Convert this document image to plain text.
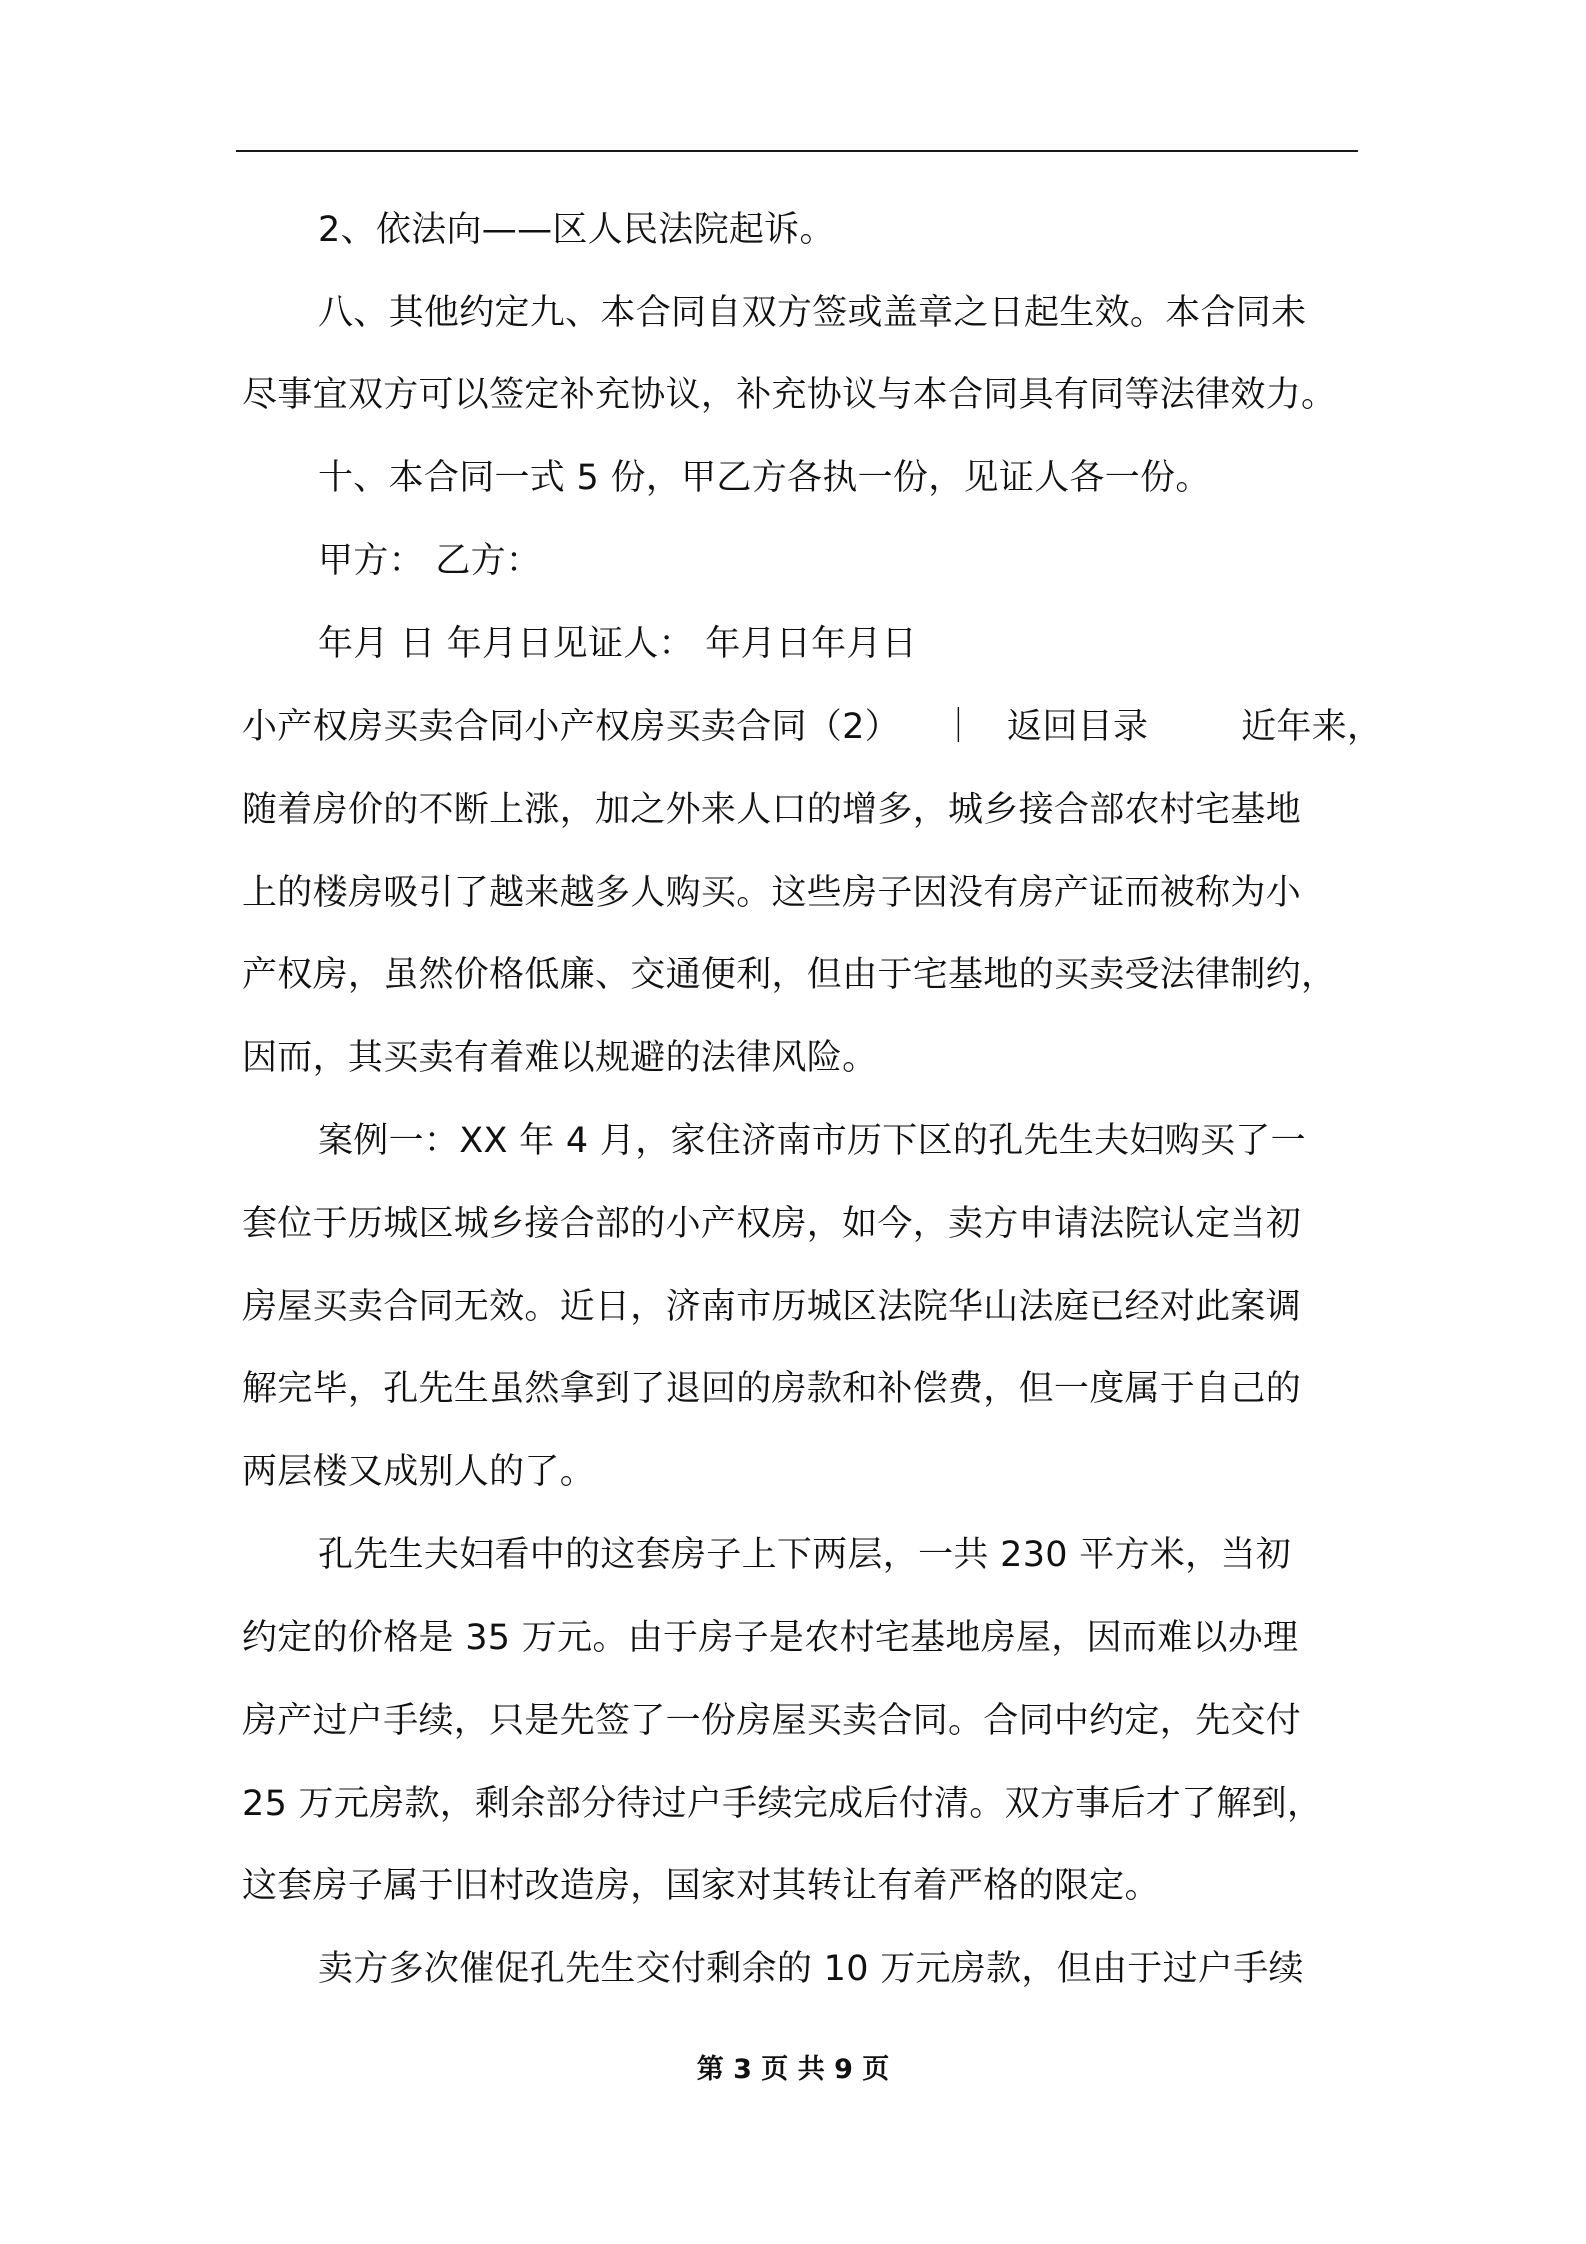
2、依法向——区人民法院起诉。
八、其他约定九、本合同自双方签或盖章之日起生效。本合同未
尽事宜双方可以签定补充协议，补充协议与本合同具有同等法律效力。
十、本合同一式 5 份，甲乙方各执一份，见证人各一份。
甲方： 乙方：
年月 日 年月日见证人： 年月日年月日
小产权房买卖合同小产权房买卖合同（2） ｜ 返回目录	近年来，
随着房价的不断上涨，加之外来人口的增多，城乡接合部农村宅基地
上的楼房吸引了越来越多人购买。这些房子因没有房产证而被称为小
产权房，虽然价格低廉、交通便利，但由于宅基地的买卖受法律制约，
因而，其买卖有着难以规避的法律风险。
案例一：XX 年 4 月，家住济南市历下区的孔先生夫妇购买了一
套位于历城区城乡接合部的小产权房，如今，卖方申请法院认定当初
房屋买卖合同无效。近日，济南市历城区法院华山法庭已经对此案调
解完毕，孔先生虽然拿到了退回的房款和补偿费，但一度属于自己的
两层楼又成别人的了。
孔先生夫妇看中的这套房子上下两层，一共 230 平方米，当初
约定的价格是 35 万元。由于房子是农村宅基地房屋，因而难以办理
房产过户手续，只是先签了一份房屋买卖合同。合同中约定，先交付
25 万元房款，剩余部分待过户手续完成后付清。双方事后才了解到，
这套房子属于旧村改造房，国家对其转让有着严格的限定。
卖方多次催促孔先生交付剩余的 10 万元房款，但由于过户手续
第 3 页 共 9 页
